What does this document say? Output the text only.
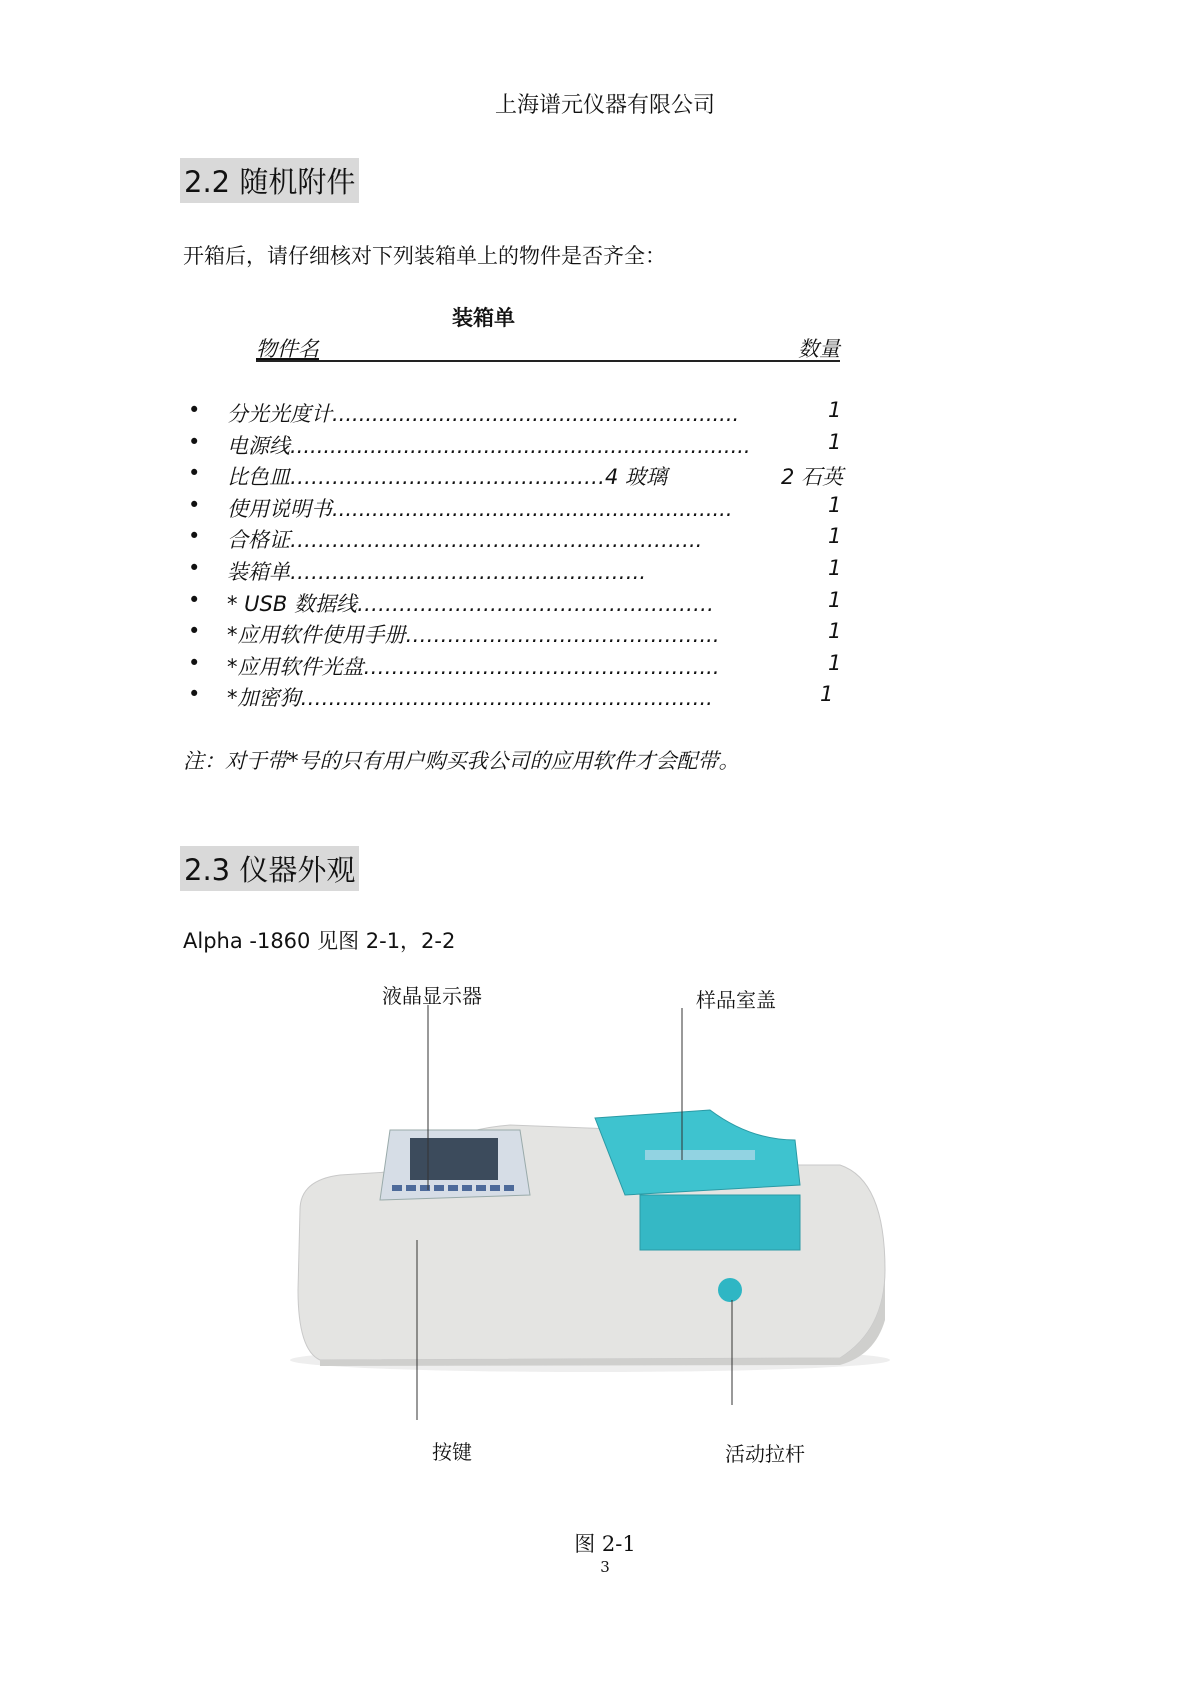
上海谱元仪器有限公司
2.2 随机附件
开箱后，请仔细核对下列装箱单上的物件是否齐全：
装箱单
物件名	数量
• 分光光度计.............................................................	1
• 电源线.....................................................................	1
• 比色皿………………………………………4 玻璃	2 石英
• 使用说明书............................................................	1
• 合格证…………………………………………………..	1
• 装箱单………………………………….………..	1
• * USB 数据线……………………………………………	1
• *应用软件使用手册……………………………………...	1
• *应用软件光盘…………………………………………...	1
• *加密狗…………………………………………………..	1
注：对于带*号的只有用户购买我公司的应用软件才会配带。
2.3 仪器外观
Alpha -1860 见图 2-1，2-2
液晶显示器	样品室盖
按键	活动拉杆
图 2-1
3
